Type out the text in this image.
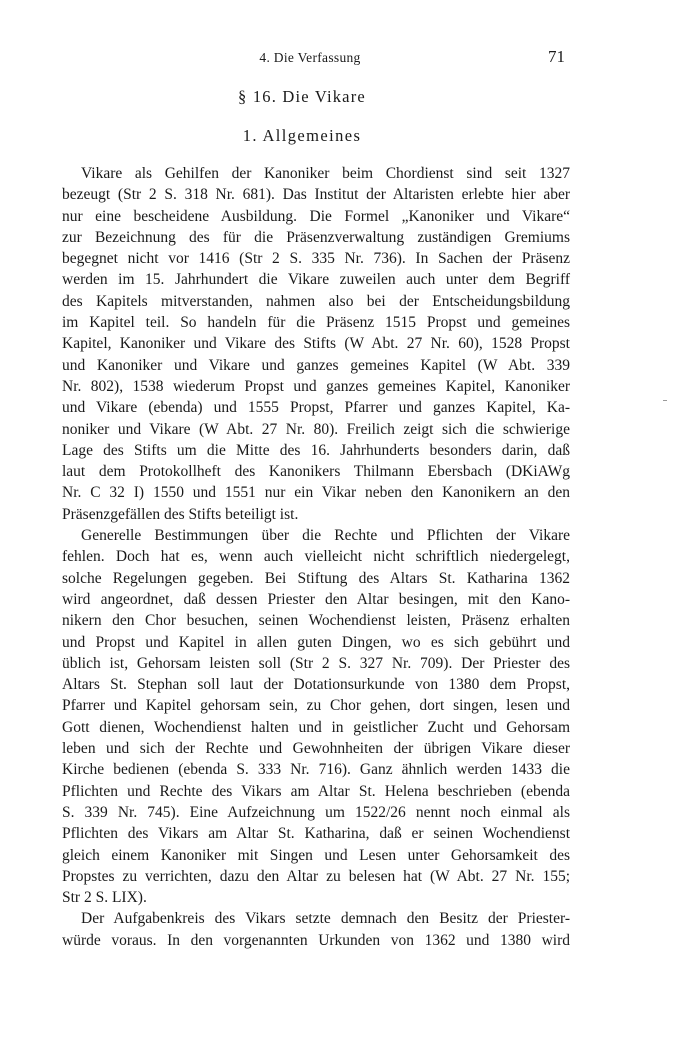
4. Die Verfassung	71
§ 16. Die Vikare
1. Allgemeines

Vikare als Gehilfen der Kanoniker beim Chordienst sind seit 1327
bezeugt (Str 2 S. 318 Nr. 681). Das Institut der Altaristen erlebte hier aber
nur eine bescheidene Ausbildung. Die Formel „Kanoniker und Vikare“
zur Bezeichnung des für die Präsenzverwaltung zuständigen Gremiums
begegnet nicht vor 1416 (Str 2 S. 335 Nr. 736). In Sachen der Präsenz
werden im 15. Jahrhundert die Vikare zuweilen auch unter dem Begriff
des Kapitels mitverstanden, nahmen also bei der Entscheidungsbildung
im Kapitel teil. So handeln für die Präsenz 1515 Propst und gemeines
Kapitel, Kanoniker und Vikare des Stifts (W Abt. 27 Nr. 60), 1528 Propst
und Kanoniker und Vikare und ganzes gemeines Kapitel (W Abt. 339
Nr. 802), 1538 wiederum Propst und ganzes gemeines Kapitel, Kanoniker
und Vikare (ebenda) und 1555 Propst, Pfarrer und ganzes Kapitel, Ka-
noniker und Vikare (W Abt. 27 Nr. 80). Freilich zeigt sich die schwierige
Lage des Stifts um die Mitte des 16. Jahrhunderts besonders darin, daß
laut dem Protokollheft des Kanonikers Thilmann Ebersbach (DKiAWg
Nr. C 32 I) 1550 und 1551 nur ein Vikar neben den Kanonikern an den
Präsenzgefällen des Stifts beteiligt ist.

Generelle Bestimmungen über die Rechte und Pflichten der Vikare
fehlen. Doch hat es, wenn auch vielleicht nicht schriftlich niedergelegt,
solche Regelungen gegeben. Bei Stiftung des Altars St. Katharina 1362
wird angeordnet, daß dessen Priester den Altar besingen, mit den Kano-
nikern den Chor besuchen, seinen Wochendienst leisten, Präsenz erhalten
und Propst und Kapitel in allen guten Dingen, wo es sich gebührt und
üblich ist, Gehorsam leisten soll (Str 2 S. 327 Nr. 709). Der Priester des
Altars St. Stephan soll laut der Dotationsurkunde von 1380 dem Propst,
Pfarrer und Kapitel gehorsam sein, zu Chor gehen, dort singen, lesen und
Gott dienen, Wochendienst halten und in geistlicher Zucht und Gehorsam
leben und sich der Rechte und Gewohnheiten der übrigen Vikare dieser
Kirche bedienen (ebenda S. 333 Nr. 716). Ganz ähnlich werden 1433 die
Pflichten und Rechte des Vikars am Altar St. Helena beschrieben (ebenda
S. 339 Nr. 745). Eine Aufzeichnung um 1522/26 nennt noch einmal als
Pflichten des Vikars am Altar St. Katharina, daß er seinen Wochendienst
gleich einem Kanoniker mit Singen und Lesen unter Gehorsamkeit des
Propstes zu verrichten, dazu den Altar zu belesen hat (W Abt. 27 Nr. 155;
Str 2 S. LIX).

Der Aufgabenkreis des Vikars setzte demnach den Besitz der Priester-
würde voraus. In den vorgenannten Urkunden von 1362 und 1380 wird
